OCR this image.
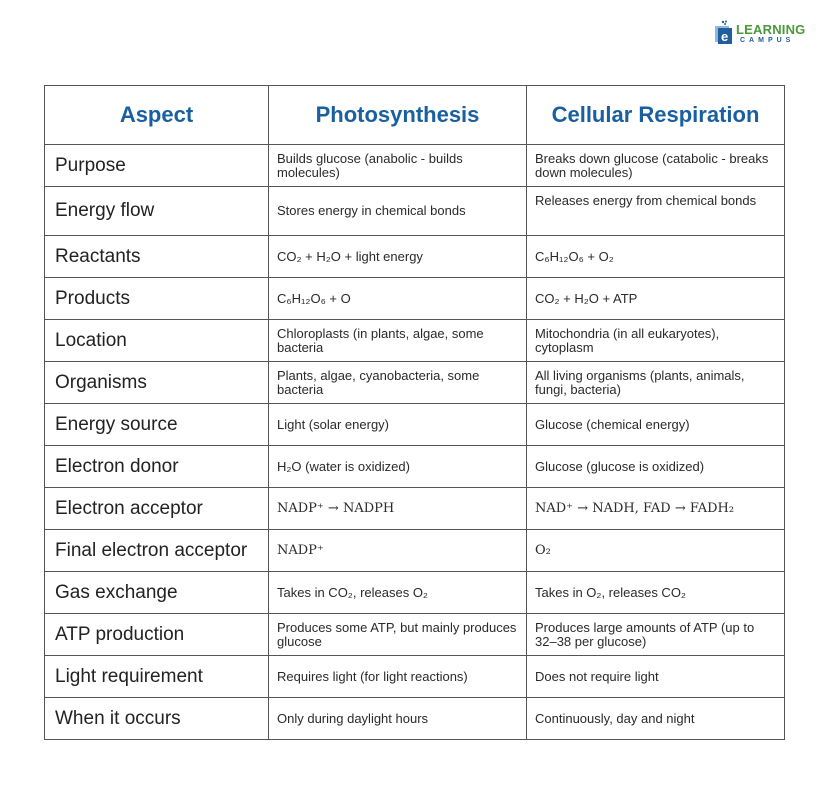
e LEARNING
CAMPUS
Aspect	Photosynthesis	Cellular Respiration
Purpose	Builds glucose (anabolic - builds molecules)	Breaks down glucose (catabolic - breaks down molecules)
Energy flow	Stores energy in chemical bonds	Releases energy from chemical bonds
Reactants	CO₂ + H₂O + light energy	C₆H₁₂O₆ + O₂
Products	C₆H₁₂O₆ + O	CO₂ + H₂O + ATP
Location	Chloroplasts (in plants, algae, some bacteria	Mitochondria (in all eukaryotes), cytoplasm
Organisms	Plants, algae, cyanobacteria, some bacteria	All living organisms (plants, animals, fungi, bacteria)
Energy source	Light (solar energy)	Glucose (chemical energy)
Electron donor	H₂O (water is oxidized)	Glucose (glucose is oxidized)
Electron acceptor	NADP⁺ → NADPH	NAD⁺ → NADH, FAD → FADH₂
Final electron acceptor	NADP⁺	O₂
Gas exchange	Takes in CO₂, releases O₂	Takes in O₂, releases CO₂
ATP production	Produces some ATP, but mainly produces glucose	Produces large amounts of ATP (up to 32–38 per glucose)
Light requirement	Requires light (for light reactions)	Does not require light
When it occurs	Only during daylight hours	Continuously, day and night
